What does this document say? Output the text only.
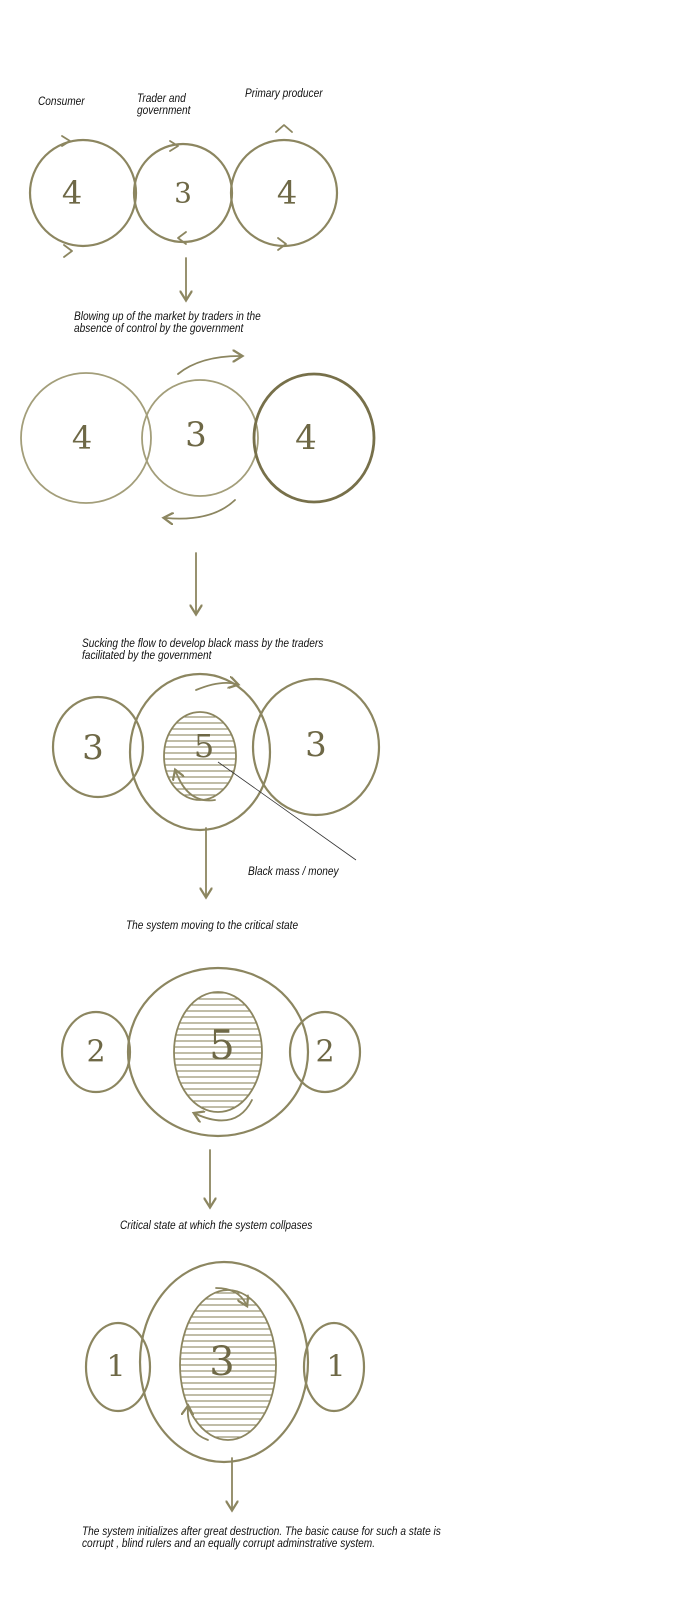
4	3	4
4	3	4
3	5	3
2	5	2
1 3	1
Consumer	Trader and
government
Primary producer
Blowing up of the market by traders in the
absence of control by the government
Sucking the flow to develop black mass by the traders
facilitated by the government
Black mass / money
The system moving to the critical state
Critical state at which the system collpases
The system initializes after great destruction. The basic cause for such a state is corrupt , blind rulers and an equally corrupt adminstrative system.
